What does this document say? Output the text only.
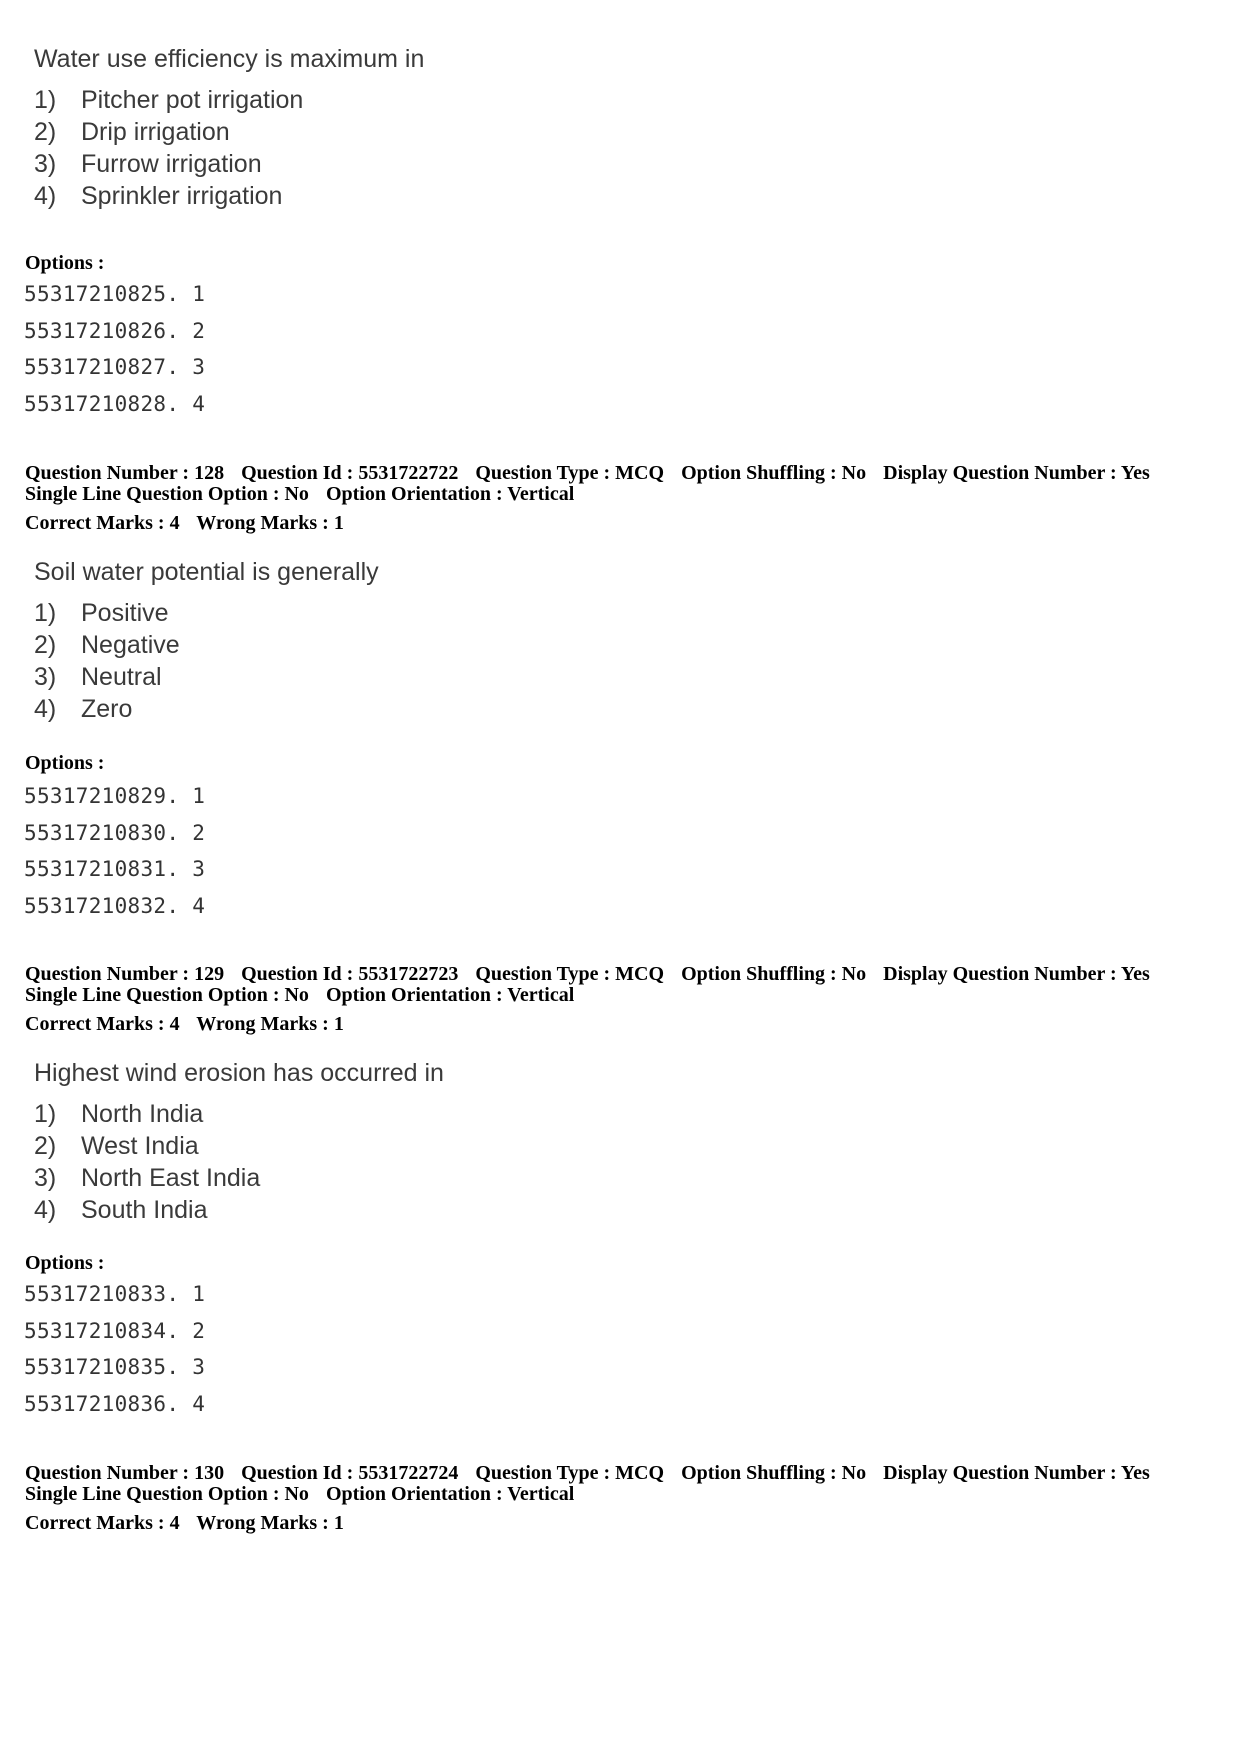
Water use efficiency is maximum in
1) Pitcher pot irrigation
2) Drip irrigation
3) Furrow irrigation
4) Sprinkler irrigation
Options :
55317210825. 1
55317210826. 2
55317210827. 3
55317210828. 4
Question Number : 128 Question Id : 5531722722 Question Type : MCQ Option Shuffling : No Display Question Number : Yes
Single Line Question Option : No Option Orientation : Vertical
Correct Marks : 4 Wrong Marks : 1
Soil water potential is generally
1) Positive
2) Negative
3) Neutral
4) Zero
Options :
55317210829. 1
55317210830. 2
55317210831. 3
55317210832. 4
Question Number : 129 Question Id : 5531722723 Question Type : MCQ Option Shuffling : No Display Question Number : Yes
Single Line Question Option : No Option Orientation : Vertical
Correct Marks : 4 Wrong Marks : 1
Highest wind erosion has occurred in
1) North India
2) West India
3) North East India
4) South India
Options :
55317210833. 1
55317210834. 2
55317210835. 3
55317210836. 4
Question Number : 130 Question Id : 5531722724 Question Type : MCQ Option Shuffling : No Display Question Number : Yes
Single Line Question Option : No Option Orientation : Vertical
Correct Marks : 4 Wrong Marks : 1
